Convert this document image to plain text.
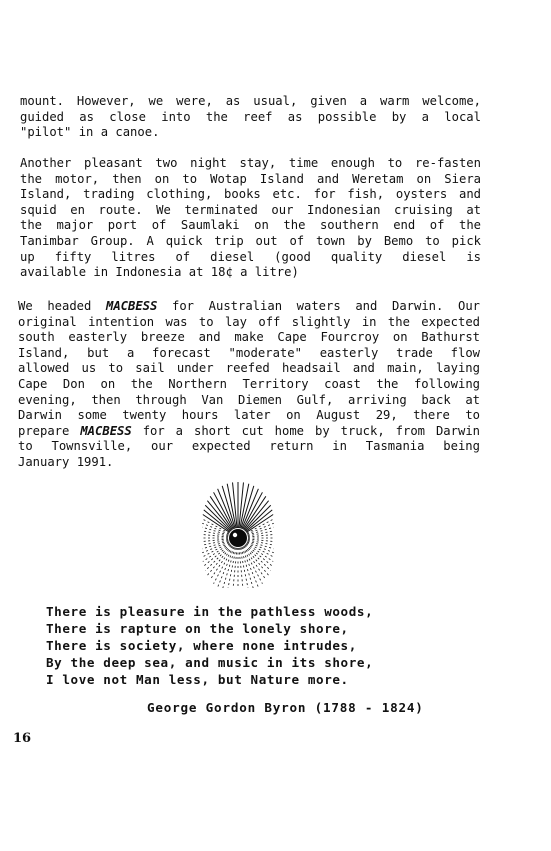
mount. However, we were, as usual, given a warm welcome,
guided as close into the reef as possible by a local
"pilot" in a canoe.
Another pleasant two night stay, time enough to re-fasten
the motor, then on to Wotap Island and Weretam on Siera
Island, trading clothing, books etc. for fish, oysters and
squid en route. We terminated our Indonesian cruising at
the major port of Saumlaki on the southern end of the
Tanimbar Group. A quick trip out of town by Bemo to pick
up fifty litres of diesel (good quality diesel is
available in Indonesia at 18¢ a litre)
We headed MACBESS for Australian waters and Darwin. Our
original intention was to lay off slightly in the expected
south easterly breeze and make Cape Fourcroy on Bathurst
Island, but a forecast "moderate" easterly trade flow
allowed us to sail under reefed headsail and main, laying
Cape Don on the Northern Territory coast the following
evening, then through Van Diemen Gulf, arriving back at
Darwin some twenty hours later on August 29, there to
prepare MACBESS for a short cut home by truck, from Darwin
to Townsville, our expected return in Tasmania being
January 1991.
There is pleasure in the pathless woods,
There is rapture on the lonely shore,
There is society, where none intrudes,
By the deep sea, and music in its shore,
I love not Man less, but Nature more.
George Gordon Byron (1788 - 1824)
16
